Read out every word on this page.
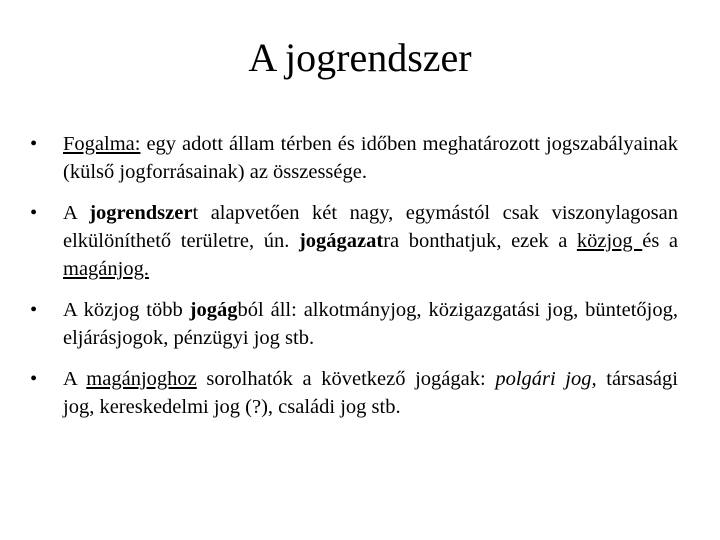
A jogrendszer
• Fogalma: egy adott állam térben és időben meghatározott jogszabályainak (külső jogforrásainak) az összessége.
• A jogrendszert alapvetően két nagy, egymástól csak viszonylagosan elkülöníthető területre, ún. jogágazatra bonthatjuk, ezek a közjog és a magánjog.
• A közjog több jogágból áll: alkotmányjog, közigazgatási jog, büntetőjog, eljárásjogok, pénzügyi jog stb.
• A magánjoghoz sorolhatók a következő jogágak: polgári jog, társasági jog, kereskedelmi jog (?), családi jog stb.
